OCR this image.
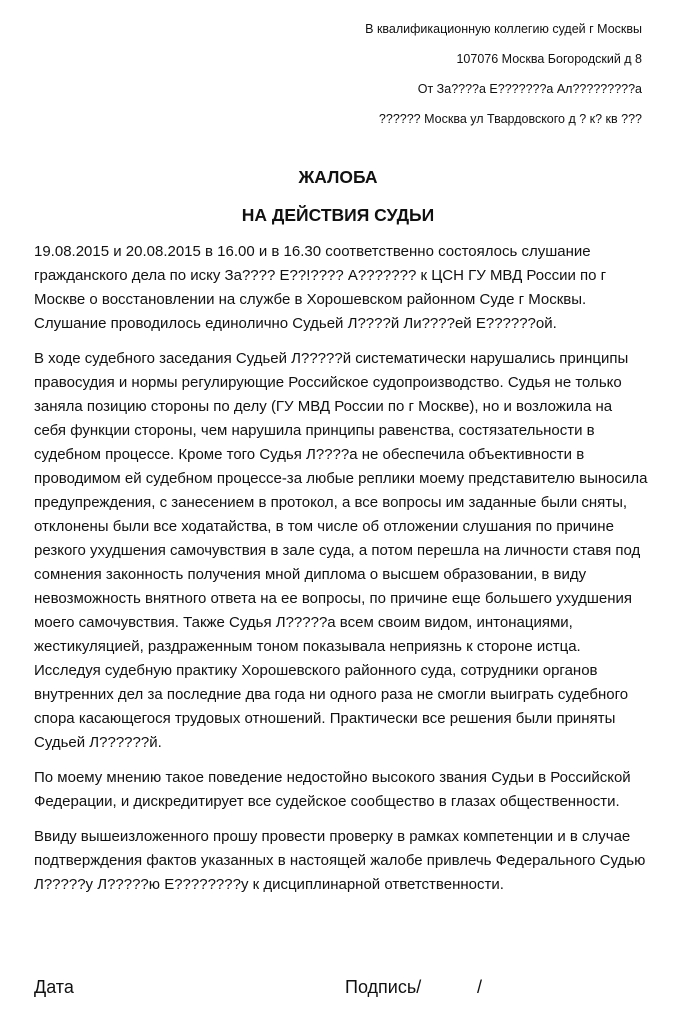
В квалификационную коллегию судей г Москвы
107076 Москва Богородский д 8
От За????а Е???????а Ал?????????а
?????? Москва ул Твардовского д ? к? кв ???
ЖАЛОБА
НА ДЕЙСТВИЯ СУДЬИ

19.08.2015 и 20.08.2015 в 16.00 и в 16.30 соответственно состоялось слушание гражданского дела по иску За???? Е??!???? А??????? к ЦСН ГУ МВД России по г Москве о восстановлении на службе в Хорошевском районном Суде г Москвы. Слушание проводилось единолично Судьей Л????й Ли????ей Е??????ой.

В ходе судебного заседания Судьей Л?????й систематически нарушались принципы правосудия и нормы регулирующие Российское судопроизводство. Судья не только заняла позицию стороны по делу (ГУ МВД России по г Москве), но и возложила на себя функции стороны, чем нарушила принципы равенства, состязательности в судебном процессе. Кроме того Судья Л????а не обеспечила объективности в проводимом ей судебном процессе-за любые реплики моему представителю выносила предупреждения, с занесением в протокол, а все вопросы им заданные были сняты, отклонены были все ходатайства, в том числе об отложении слушания по причине резкого ухудшения самочувствия в зале суда, а потом перешла на личности ставя под сомнения законность получения мной диплома о высшем образовании, в виду невозможность внятного ответа на ее вопросы, по причине еще большего ухудшения моего самочувствия. Также Судья Л?????а всем своим видом, интонациями, жестикуляцией, раздраженным тоном показывала неприязнь к стороне истца. Исследуя судебную практику Хорошевского районного суда, сотрудники органов внутренних дел за последние два года ни одного раза не смогли выиграть судебного спора касающегося трудовых отношений. Практически все решения были приняты Судьей Л??????й.

По моему мнению такое поведение недостойно высокого звания Судьи в Российской Федерации, и дискредитирует все судейское сообщество в глазах общественности.

Ввиду вышеизложенного прошу провести проверку в рамках компетенции и в случае подтверждения фактов указанных в настоящей жалобе привлечь Федерального Судью Л?????у Л?????ю Е????????у к дисциплинарной ответственности.

Дата	Подпись/	/
